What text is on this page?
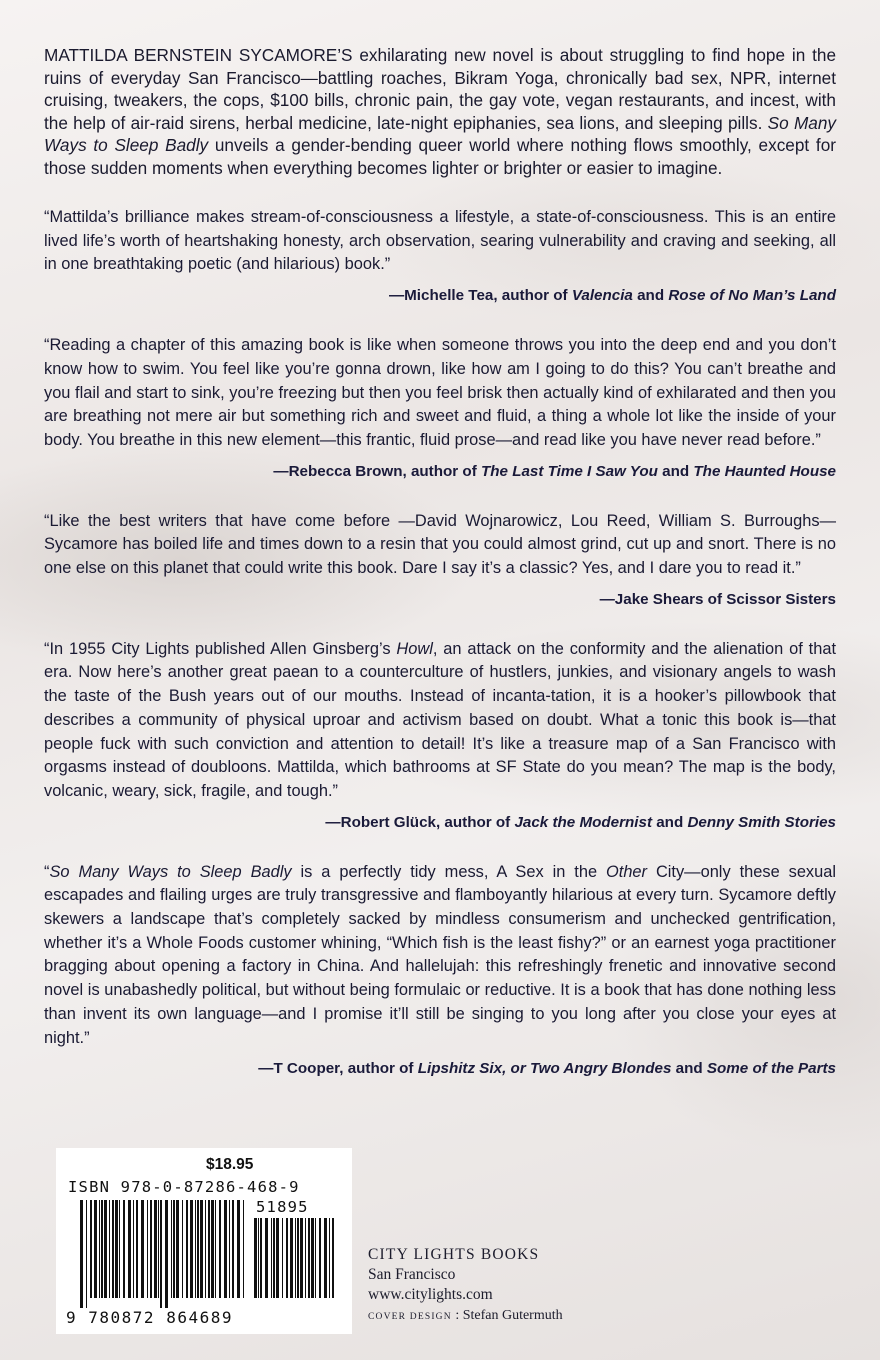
MATTILDA BERNSTEIN SYCAMORE’S exhilarating new novel is about struggling to find hope in the ruins of everyday San Francisco—battling roaches, Bikram Yoga, chronically bad sex, NPR, internet cruising, tweakers, the cops, $100 bills, chronic pain, the gay vote, vegan restaurants, and incest, with the help of air-raid sirens, herbal medicine, late-night epiphanies, sea lions, and sleeping pills. So Many Ways to Sleep Badly unveils a gender-bending queer world where nothing flows smoothly, except for those sudden moments when everything becomes lighter or brighter or easier to imagine.

“Mattilda’s brilliance makes stream-of-consciousness a lifestyle, a state-of-consciousness. This is an entire lived life’s worth of heartshaking honesty, arch observation, searing vulnerability and craving and seeking, all in one breathtaking poetic (and hilarious) book.”

—Michelle Tea, author of Valencia and Rose of No Man’s Land

“Reading a chapter of this amazing book is like when someone throws you into the deep end and you don’t know how to swim. You feel like you’re gonna drown, like how am I going to do this? You can’t breathe and you flail and start to sink, you’re freezing but then you feel brisk then actually kind of exhilarated and then you are breathing not mere air but something rich and sweet and fluid, a thing a whole lot like the inside of your body. You breathe in this new element—this frantic, fluid prose—and read like you have never read before.”

—Rebecca Brown, author of The Last Time I Saw You and The Haunted House

“Like the best writers that have come before —David Wojnarowicz, Lou Reed, William S. Burroughs—Sycamore has boiled life and times down to a resin that you could almost grind, cut up and snort. There is no one else on this planet that could write this book. Dare I say it’s a classic? Yes, and I dare you to read it.”

—Jake Shears of Scissor Sisters

“In 1955 City Lights published Allen Ginsberg’s Howl, an attack on the conformity and the alienation of that era. Now here’s another great paean to a counterculture of hustlers, junkies, and visionary angels to wash the taste of the Bush years out of our mouths. Instead of incanta-tation, it is a hooker’s pillowbook that describes a community of physical uproar and activism based on doubt. What a tonic this book is—that people fuck with such conviction and attention to detail! It’s like a treasure map of a San Francisco with orgasms instead of doubloons. Mattilda, which bathrooms at SF State do you mean? The map is the body, volcanic, weary, sick, fragile, and tough.”

—Robert Glück, author of Jack the Modernist and Denny Smith Stories

“So Many Ways to Sleep Badly is a perfectly tidy mess, A Sex in the Other City—only these sexual escapades and flailing urges are truly transgressive and flamboyantly hilarious at every turn. Sycamore deftly skewers a landscape that’s completely sacked by mindless consumerism and unchecked gentrification, whether it’s a Whole Foods customer whining, “Which fish is the least fishy?” or an earnest yoga practitioner bragging about opening a factory in China. And hallelujah: this refreshingly frenetic and innovative second novel is unabashedly political, but without being formulaic or reductive. It is a book that has done nothing less than invent its own language—and I promise it’ll still be singing to you long after you close your eyes at night.”

—T Cooper, author of Lipshitz Six, or Two Angry Blondes and Some of the Parts

$18.95
ISBN 978-0-87286-468-9
51895
9 780872 864689
CITY LIGHTS BOOKS
San Francisco
www.citylights.com
COVER DESIGN : Stefan Gutermuth
